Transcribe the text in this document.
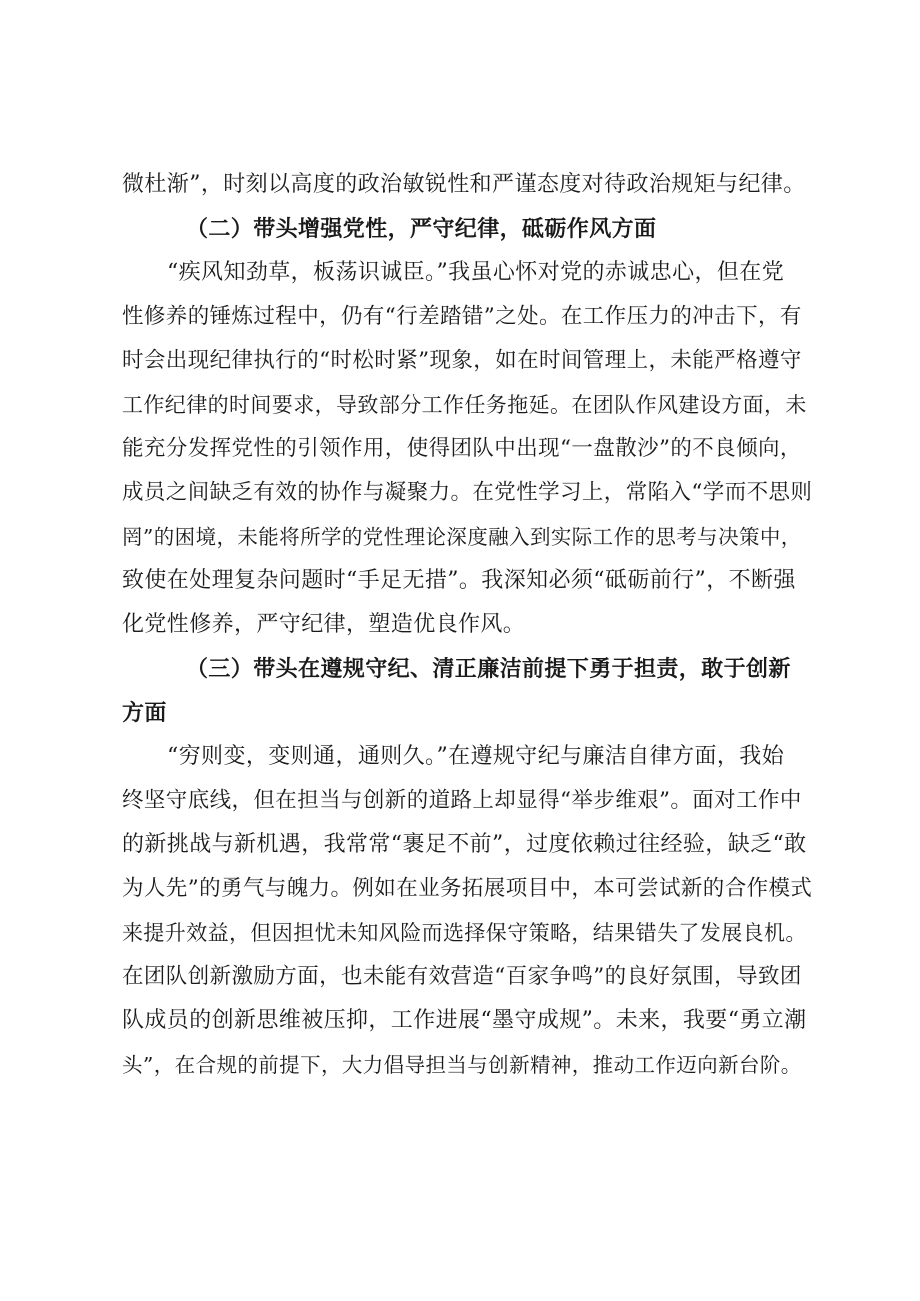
微杜渐”，时刻以高度的政治敏锐性和严谨态度对待政治规矩与纪律。
（二）带头增强党性，严守纪律，砥砺作风方面
“疾风知劲草，板荡识诚臣。”我虽心怀对党的赤诚忠心，但在党
性修养的锤炼过程中，仍有“行差踏错”之处。在工作压力的冲击下，有
时会出现纪律执行的“时松时紧”现象，如在时间管理上，未能严格遵守
工作纪律的时间要求，导致部分工作任务拖延。在团队作风建设方面，未
能充分发挥党性的引领作用，使得团队中出现“一盘散沙”的不良倾向，
成员之间缺乏有效的协作与凝聚力。在党性学习上，常陷入“学而不思则
罔”的困境，未能将所学的党性理论深度融入到实际工作的思考与决策中，
致使在处理复杂问题时“手足无措”。我深知必须“砥砺前行”，不断强
化党性修养，严守纪律，塑造优良作风。
（三）带头在遵规守纪、清正廉洁前提下勇于担责，敢于创新
方面
“穷则变，变则通，通则久。”在遵规守纪与廉洁自律方面，我始
终坚守底线，但在担当与创新的道路上却显得“举步维艰”。面对工作中
的新挑战与新机遇，我常常“裹足不前”，过度依赖过往经验，缺乏“敢
为人先”的勇气与魄力。例如在业务拓展项目中，本可尝试新的合作模式
来提升效益，但因担忧未知风险而选择保守策略，结果错失了发展良机。
在团队创新激励方面，也未能有效营造“百家争鸣”的良好氛围，导致团
队成员的创新思维被压抑，工作进展“墨守成规”。未来，我要“勇立潮
头”，在合规的前提下，大力倡导担当与创新精神，推动工作迈向新台阶。
